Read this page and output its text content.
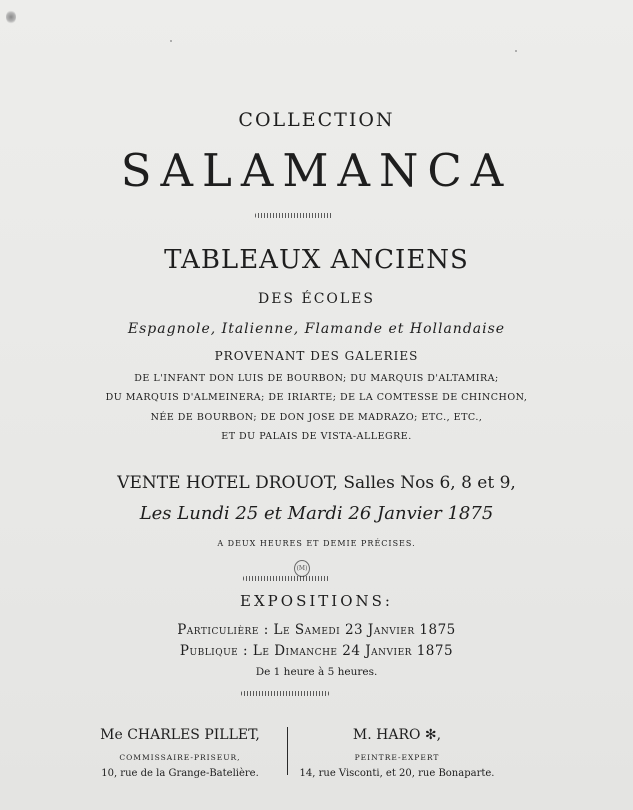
COLLECTION
SALAMANCA
TABLEAUX ANCIENS
DES ÉCOLES
Espagnole, Italienne, Flamande et Hollandaise
PROVENANT DES GALERIES
DE L'INFANT DON LUIS DE BOURBON; DU MARQUIS D'ALTAMIRA;
DU MARQUIS D'ALMEINERA; DE IRIARTE; DE LA COMTESSE DE CHINCHON,
NÉE DE BOURBON; DE DON JOSE DE MADRAZO; ETC., ETC.,
ET DU PALAIS DE VISTA-ALLEGRE.
VENTE HOTEL DROUOT, Salles Nos 6, 8 et 9,
Les Lundi 25 et Mardi 26 Janvier 1875
A DEUX HEURES ET DEMIE PRÉCISES.
(M)
EXPOSITIONS:
Particulière : Le Samedi 23 Janvier 1875
Publique : Le Dimanche 24 Janvier 1875
De 1 heure à 5 heures.
Me CHARLES PILLET,
COMMISSAIRE-PRISEUR,
10, rue de la Grange-Batelière.
M. HARO ✻,
PEINTRE-EXPERT
14, rue Visconti, et 20, rue Bonaparte.
